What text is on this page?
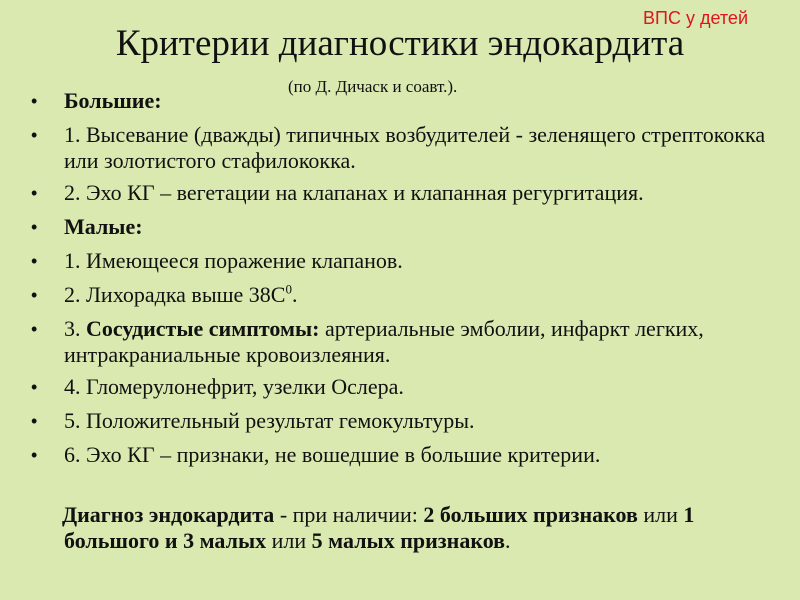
ВПС у детей
Критерии диагностики эндокардита
(по Д. Дичаск и соавт.).
• Большие:
• 1. Высевание (дважды) типичных возбудителей - зеленящего стрептококка или золотистого стафилококка.
• 2. Эхо КГ – вегетации на клапанах и клапанная регургитация.
• Малые:
• 1. Имеющееся поражение клапанов.
• 2. Лихорадка выше $38С^0$.
• 3. Сосудистые симптомы: артериальные эмболии, инфаркт легких, интракраниальные кровоизлеяния.
• 4. Гломерулонефрит, узелки Ослера.
• 5. Положительный результат гемокультуры.
• 6. Эхо КГ – признаки, не вошедшие в большие критерии.
Диагноз эндокардита - при наличии: 2 больших признаков или 1 большого и 3 малых или 5 малых признаков.
